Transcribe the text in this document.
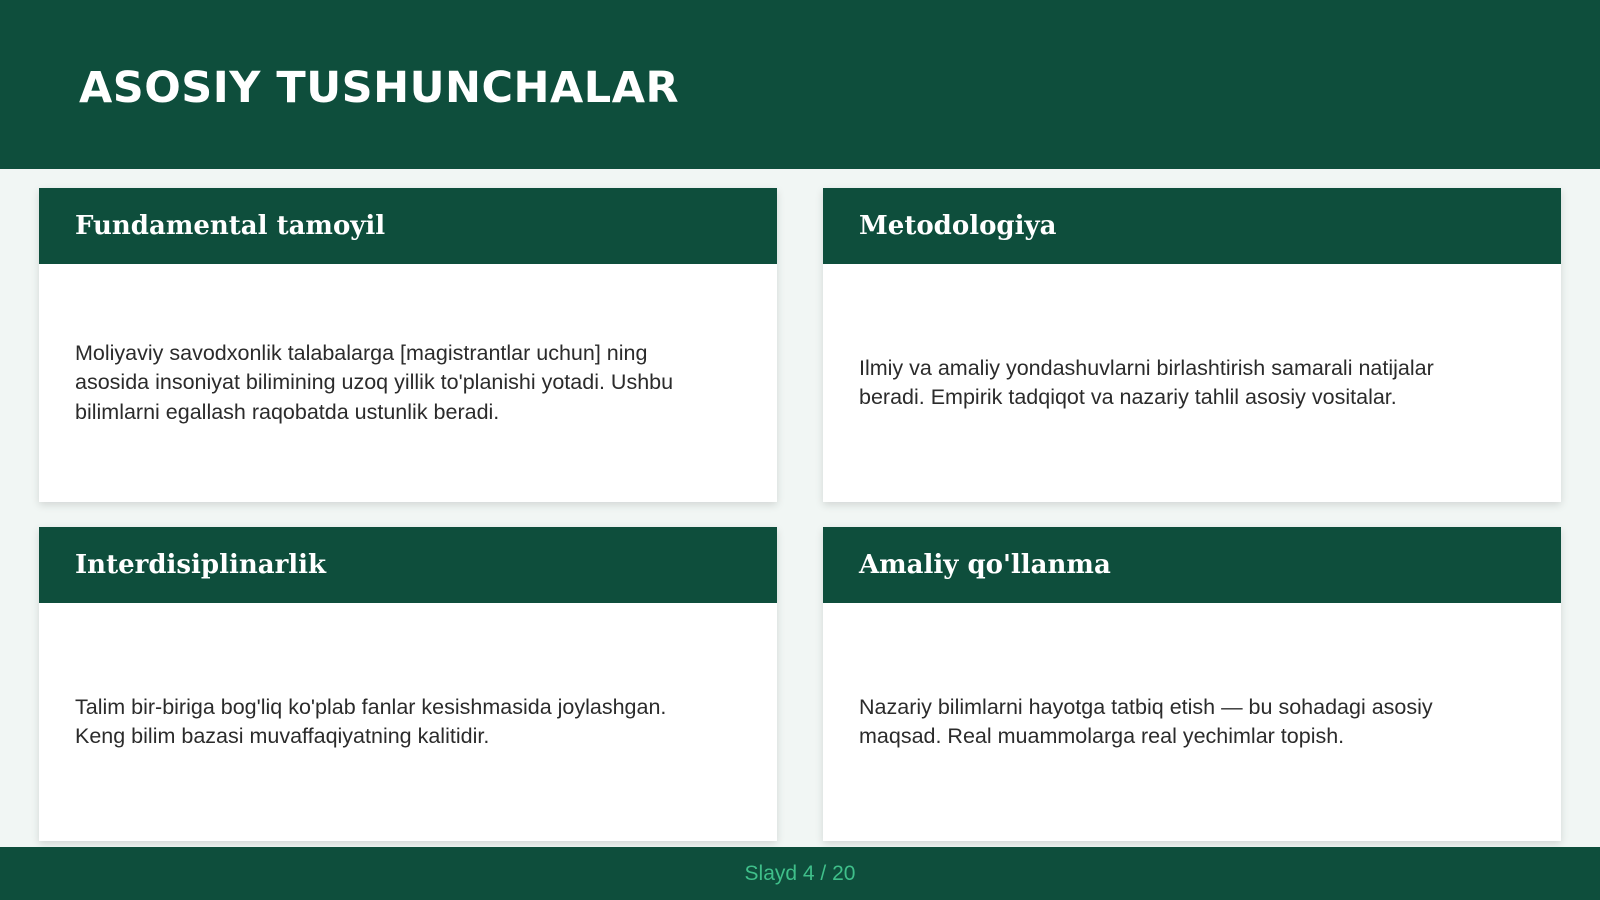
ASOSIY TUSHUNCHALAR
Fundamental tamoyil

Moliyaviy savodxonlik talabalarga [magistrantlar uchun] ning asosida insoniyat bilimining uzoq yillik to'planishi yotadi. Ushbu bilimlarni egallash raqobatda ustunlik beradi.

Metodologiya

Ilmiy va amaliy yondashuvlarni birlashtirish samarali natijalar beradi. Empirik tadqiqot va nazariy tahlil asosiy vositalar.

Interdisiplinarlik

Talim bir-biriga bog'liq ko'plab fanlar kesishmasida joylashgan. Keng bilim bazasi muvaffaqiyatning kalitidir.

Amaliy qo'llanma

Nazariy bilimlarni hayotga tatbiq etish — bu sohadagi asosiy maqsad. Real muammolarga real yechimlar topish.

Slayd 4 / 20
